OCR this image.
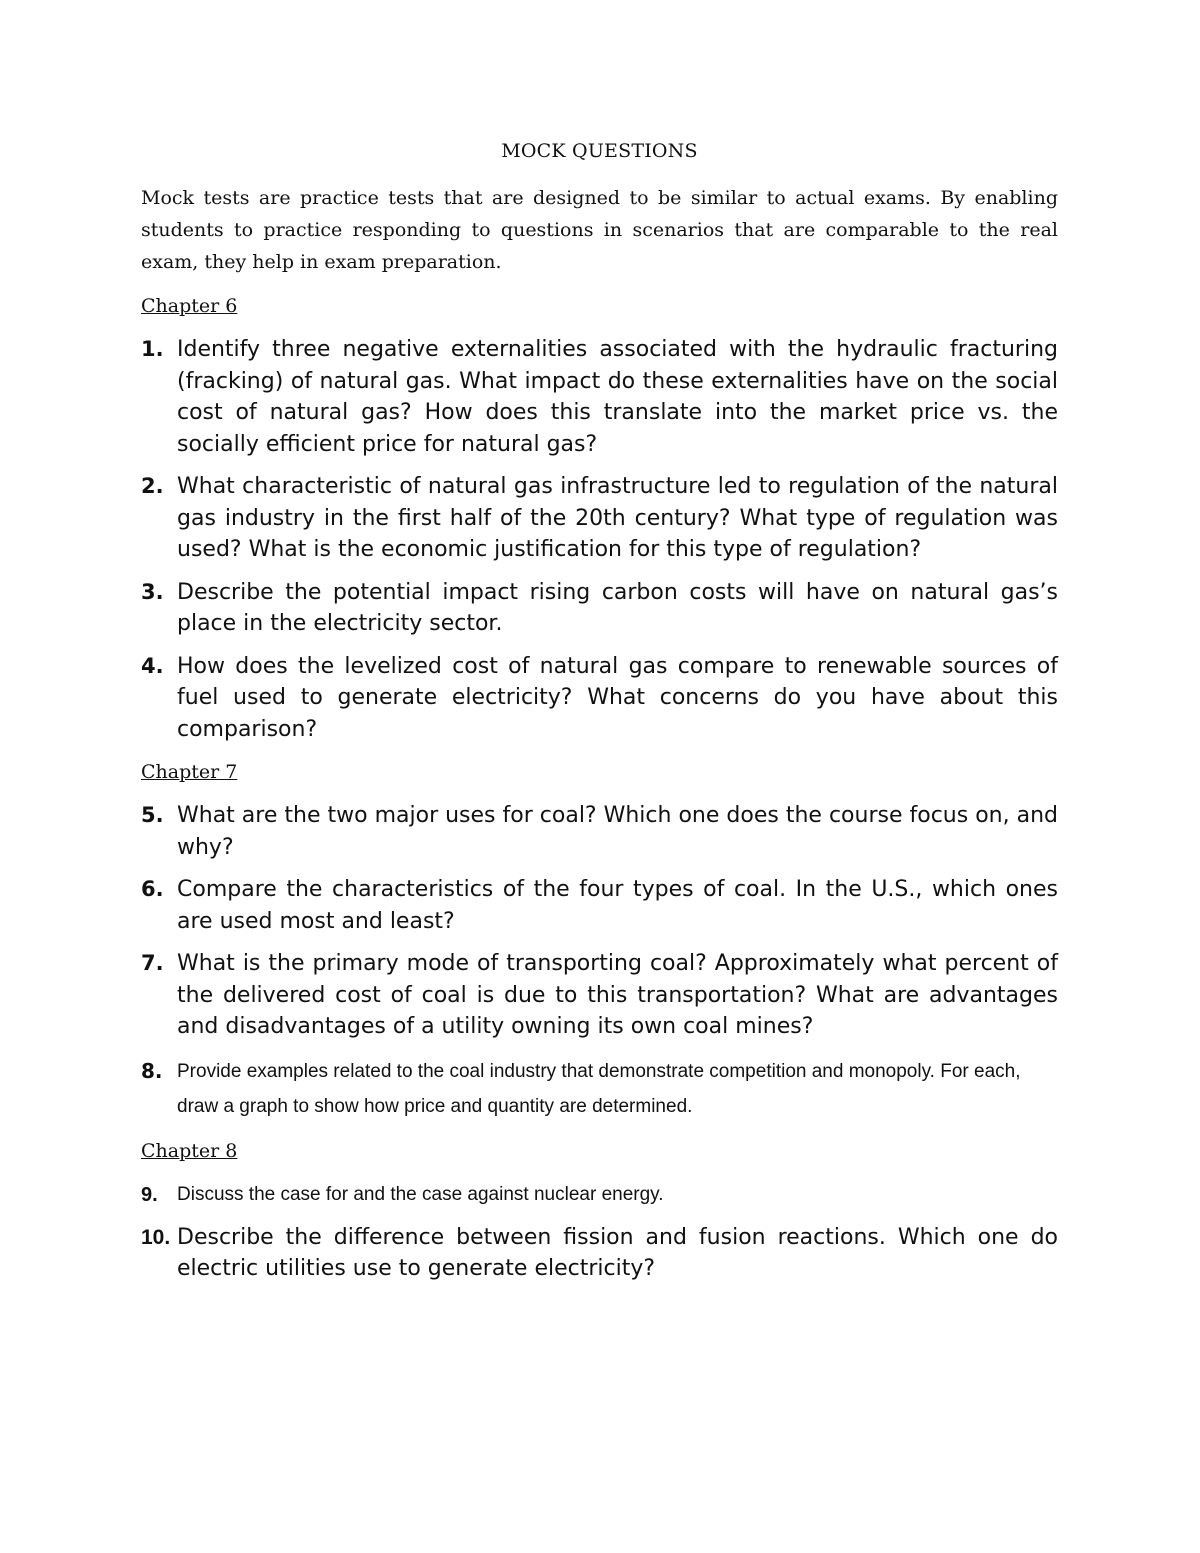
MOCK QUESTIONS

Mock tests are practice tests that are designed to be similar to actual exams. By enabling students to practice responding to questions in scenarios that are comparable to the real exam, they help in exam preparation.

Chapter 6
1. Identify three negative externalities associated with the hydraulic fracturing (fracking) of natural gas. What impact do these externalities have on the social cost of natural gas? How does this translate into the market price vs. the socially efficient price for natural gas?
2. What characteristic of natural gas infrastructure led to regulation of the natural gas industry in the first half of the 20th century? What type of regulation was used? What is the economic justification for this type of regulation?
3. Describe the potential impact rising carbon costs will have on natural gas’s place in the electricity sector.
4. How does the levelized cost of natural gas compare to renewable sources of fuel used to generate electricity? What concerns do you have about this comparison?
Chapter 7
5. What are the two major uses for coal? Which one does the course focus on, and why?
6. Compare the characteristics of the four types of coal. In the U.S., which ones are used most and least?
7. What is the primary mode of transporting coal? Approximately what percent of the delivered cost of coal is due to this transportation? What are advantages and disadvantages of a utility owning its own coal mines?
8. Provide examples related to the coal industry that demonstrate competition and monopoly. For each, draw a graph to show how price and quantity are determined.
Chapter 8
9. Discuss the case for and the case against nuclear energy.
10. Describe the difference between fission and fusion reactions. Which one do electric utilities use to generate electricity?
